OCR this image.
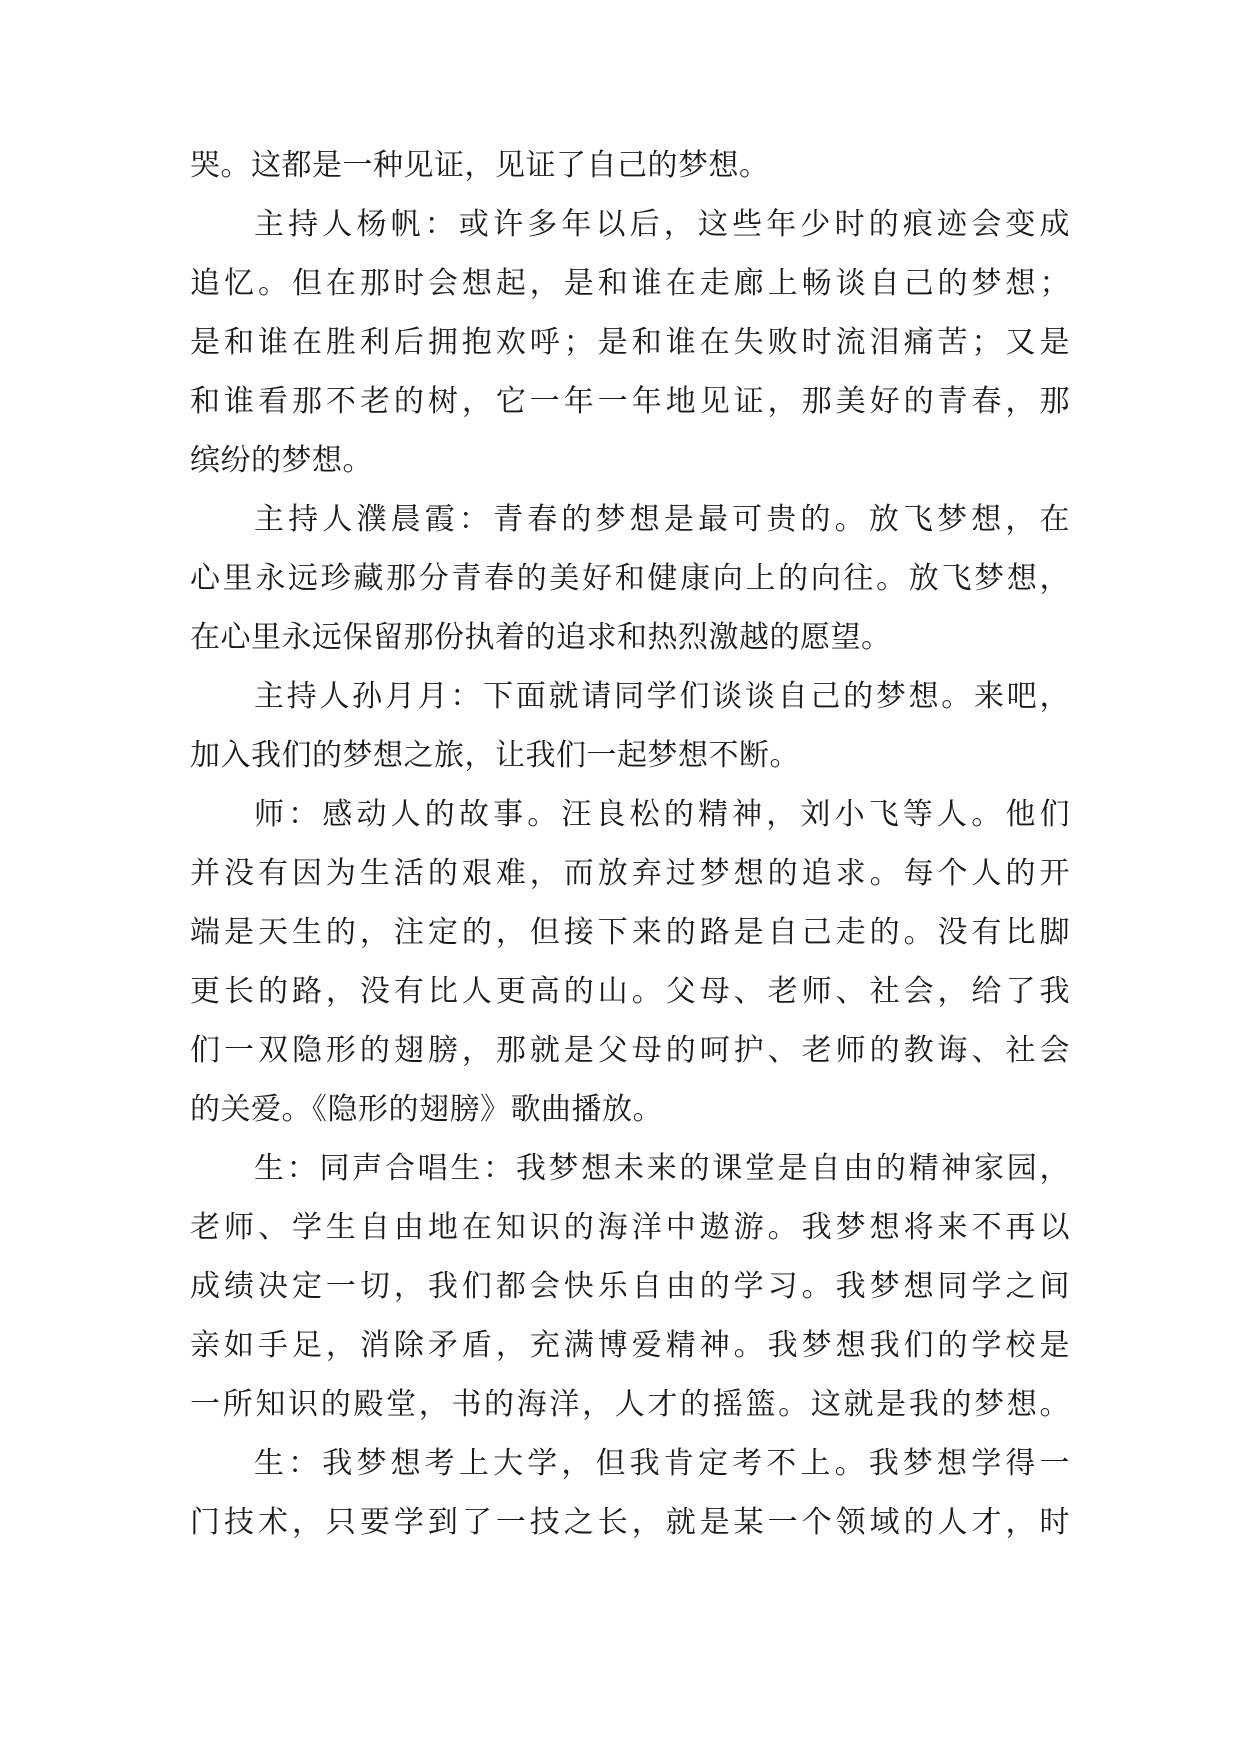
哭。这都是一种见证，见证了自己的梦想。
主持人杨帆：或许多年以后，这些年少时的痕迹会变成
追忆。但在那时会想起，是和谁在走廊上畅谈自己的梦想；
是和谁在胜利后拥抱欢呼；是和谁在失败时流泪痛苦；又是
和谁看那不老的树，它一年一年地见证，那美好的青春，那
缤纷的梦想。
主持人濮晨霞：青春的梦想是最可贵的。放飞梦想，在
心里永远珍藏那分青春的美好和健康向上的向往。放飞梦想，
在心里永远保留那份执着的追求和热烈激越的愿望。
主持人孙月月：下面就请同学们谈谈自己的梦想。来吧，
加入我们的梦想之旅，让我们一起梦想不断。
师：感动人的故事。汪良松的精神，刘小飞等人。他们
并没有因为生活的艰难，而放弃过梦想的追求。每个人的开
端是天生的，注定的，但接下来的路是自己走的。没有比脚
更长的路，没有比人更高的山。父母、老师、社会，给了我
们一双隐形的翅膀，那就是父母的呵护、老师的教诲、社会
的关爱。《隐形的翅膀》歌曲播放。
生：同声合唱生：我梦想未来的课堂是自由的精神家园，
老师、学生自由地在知识的海洋中遨游。我梦想将来不再以
成绩决定一切，我们都会快乐自由的学习。我梦想同学之间
亲如手足，消除矛盾，充满博爱精神。我梦想我们的学校是
一所知识的殿堂，书的海洋，人才的摇篮。这就是我的梦想。
生：我梦想考上大学，但我肯定考不上。我梦想学得一
门技术，只要学到了一技之长，就是某一个领域的人才，时
